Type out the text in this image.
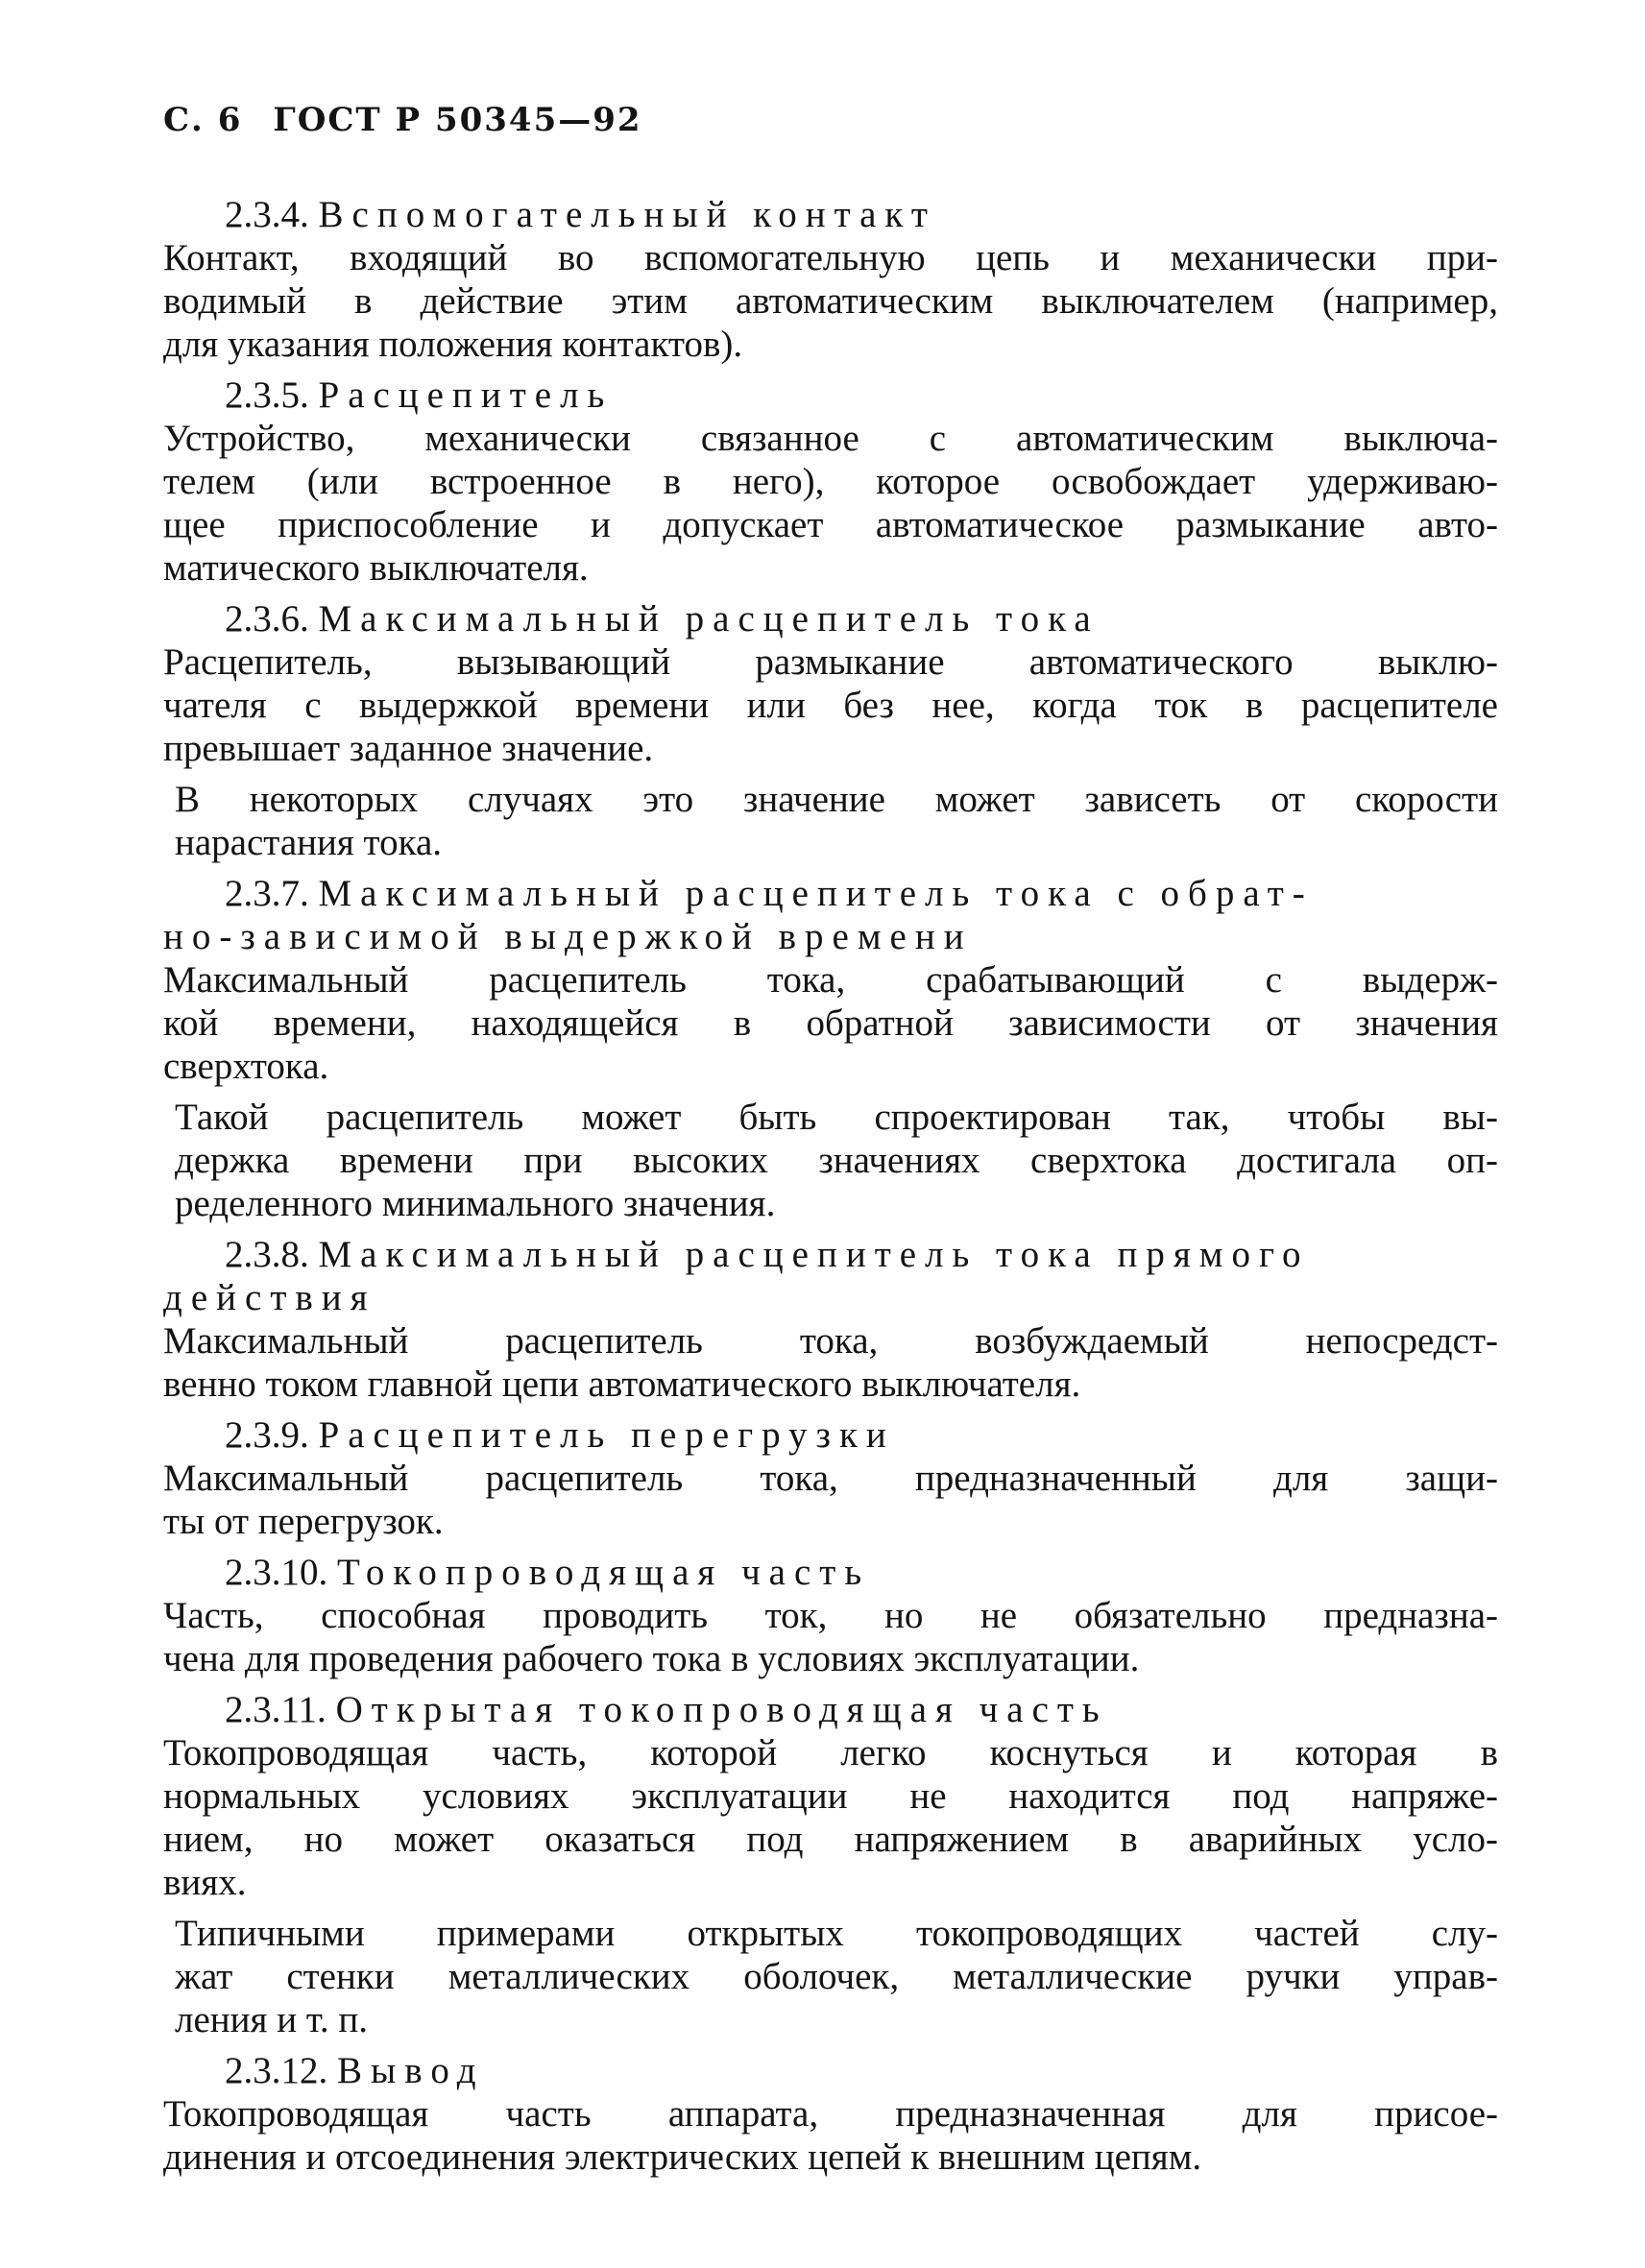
С. 6 ГОСТ Р 50345—92
2.3.4. Вспомогательный контакт
Контакт, входящий во вспомогательную цепь и механически при-
водимый в действие этим автоматическим выключателем (например,
для указания положения контактов).
2.3.5. Расцепитель
Устройство, механически связанное с автоматическим выключа-
телем (или встроенное в него), которое освобождает удерживаю-
щее приспособление и допускает автоматическое размыкание авто-
матического выключателя.
2.3.6. Максимальный расцепитель тока
Расцепитель, вызывающий размыкание автоматического выклю-
чателя с выдержкой времени или без нее, когда ток в расцепителе
превышает заданное значение.
В некоторых случаях это значение может зависеть от скорости
нарастания тока.
2.3.7. Максимальный расцепитель тока с обрат-
но-зависимой выдержкой времени
Максимальный расцепитель тока, срабатывающий с выдерж-
кой времени, находящейся в обратной зависимости от значения
сверхтока.
Такой расцепитель может быть спроектирован так, чтобы вы-
держка времени при высоких значениях сверхтока достигала оп-
ределенного минимального значения.
2.3.8. Максимальный расцепитель тока прямого
действия
Максимальный расцепитель тока, возбуждаемый непосредст-
венно током главной цепи автоматического выключателя.
2.3.9. Расцепитель перегрузки
Максимальный расцепитель тока, предназначенный для защи-
ты от перегрузок.
2.3.10. Токопроводящая часть
Часть, способная проводить ток, но не обязательно предназна-
чена для проведения рабочего тока в условиях эксплуатации.
2.3.11. Открытая токопроводящая часть
Токопроводящая часть, которой легко коснуться и которая в
нормальных условиях эксплуатации не находится под напряже-
нием, но может оказаться под напряжением в аварийных усло-
виях.
Типичными примерами открытых токопроводящих частей слу-
жат стенки металлических оболочек, металлические ручки управ-
ления и т. п.
2.3.12. Вывод
Токопроводящая часть аппарата, предназначенная для присое-
динения и отсоединения электрических цепей к внешним цепям.
